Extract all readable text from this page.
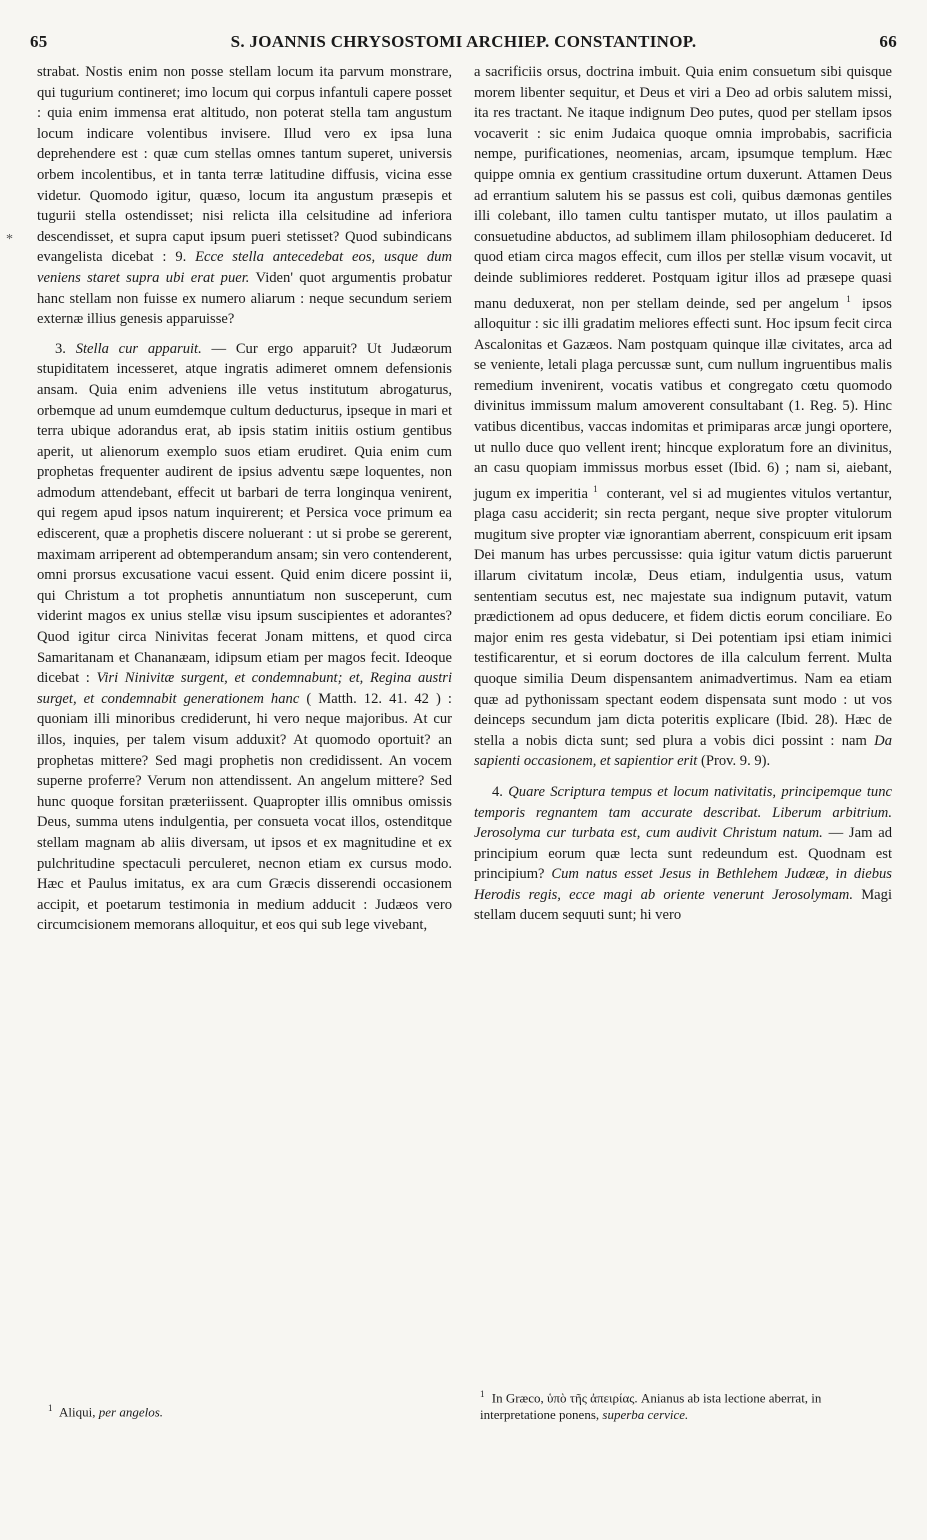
65	S. JOANNIS CHRYSOSTOMI ARCHIEP. CONSTANTINOP.	66
*

strabat. Nostis enim non posse stellam locum ita parvum monstrare, qui tugurium contineret; imo locum qui corpus infantuli capere posset : quia enim immensa erat altitudo, non poterat stella tam angustum locum indicare volentibus invisere. Illud vero ex ipsa luna deprehendere est : quæ cum stellas omnes tantum superet, universis orbem incolentibus, et in tanta terræ latitudine diffusis, vicina esse videtur. Quomodo igitur, quæso, locum ita angustum præsepis et tugurii stella ostendisset; nisi relicta illa celsitudine ad inferiora descendisset, et supra caput ipsum pueri stetisset? Quod subindicans evangelista dicebat : 9. Ecce stella antecedebat eos, usque dum veniens staret supra ubi erat puer. Viden' quot argumentis probatur hanc stellam non fuisse ex numero aliarum : neque secundum seriem externæ illius genesis apparuisse?

3. Stella cur apparuit. — Cur ergo apparuit? Ut Judæorum stupiditatem incesseret, atque ingratis adimeret omnem defensionis ansam. Quia enim adveniens ille vetus institutum abrogaturus, orbemque ad unum eumdemque cultum deducturus, ipseque in mari et terra ubique adorandus erat, ab ipsis statim initiis ostium gentibus aperit, ut alienorum exemplo suos etiam erudiret. Quia enim cum prophetas frequenter audirent de ipsius adventu sæpe loquentes, non admodum attendebant, effecit ut barbari de terra longinqua venirent, qui regem apud ipsos natum inquirerent; et Persica voce primum ea ediscerent, quæ a prophetis discere noluerant : ut si probe se gererent, maximam arriperent ad obtemperandum ansam; sin vero contenderent, omni prorsus excusatione vacui essent. Quid enim dicere possint ii, qui Christum a tot prophetis annuntiatum non susceperunt, cum viderint magos ex unius stellæ visu ipsum suscipientes et adorantes? Quod igitur circa Ninivitas fecerat Jonam mittens, et quod circa Samaritanam et Chananæam, idipsum etiam per magos fecit. Ideoque dicebat : Viri Ninivitæ surgent, et condemnabunt; et, Regina austri surget, et condemnabit generationem hanc ( Matth. 12. 41. 42 ) : quoniam illi minoribus crediderunt, hi vero neque majoribus. At cur illos, inquies, per talem visum adduxit? At quomodo oportuit? an prophetas mittere? Sed magi prophetis non credidissent. An vocem superne proferre? Verum non attendissent. An angelum mittere? Sed hunc quoque forsitan præteriissent. Quapropter illis omnibus omissis Deus, summa utens indulgentia, per consueta vocat illos, ostenditque stellam magnam ab aliis diversam, ut ipsos et ex magnitudine et ex pulchritudine spectaculi perculeret, necnon etiam ex cursus modo. Hæc et Paulus imitatus, ex ara cum Græcis disserendi occasionem accipit, et poetarum testimonia in medium adducit : Judæos vero circumcisionem memorans alloquitur, et eos qui sub lege vivebant,

a sacrificiis orsus, doctrina imbuit. Quia enim consuetum sibi quisque morem libenter sequitur, et Deus et viri a Deo ad orbis salutem missi, ita res tractant. Ne itaque indignum Deo putes, quod per stellam ipsos vocaverit : sic enim Judaica quoque omnia improbabis, sacrificia nempe, purificationes, neomenias, arcam, ipsumque templum. Hæc quippe omnia ex gentium crassitudine ortum duxerunt. Attamen Deus ad errantium salutem his se passus est coli, quibus dæmonas gentiles illi colebant, illo tamen cultu tantisper mutato, ut illos paulatim a consuetudine abductos, ad sublimem illam philosophiam deduceret. Id quod etiam circa magos effecit, cum illos per stellæ visum vocavit, ut deinde sublimiores redderet. Postquam igitur illos ad præsepe quasi manu deduxerat, non per stellam deinde, sed per angelum $^1$ ipsos alloquitur : sic illi gradatim meliores effecti sunt. Hoc ipsum fecit circa Ascalonitas et Gazæos. Nam postquam quinque illæ civitates, arca ad se veniente, letali plaga percussæ sunt, cum nullum ingruentibus malis remedium invenirent, vocatis vatibus et congregato cœtu quomodo divinitus immissum malum amoverent consultabant (1. Reg. 5). Hinc vatibus dicentibus, vaccas indomitas et primiparas arcæ jungi oportere, ut nullo duce quo vellent irent; hincque exploratum fore an divinitus, an casu quopiam immissus morbus esset (Ibid. 6) ; nam si, aiebant, jugum ex imperitia $^1$ conterant, vel si ad mugientes vitulos vertantur, plaga casu acciderit; sin recta pergant, neque sive propter vitulorum mugitum sive propter viæ ignorantiam aberrent, conspicuum erit ipsam Dei manum has urbes percussisse: quia igitur vatum dictis paruerunt illarum civitatum incolæ, Deus etiam, indulgentia usus, vatum sententiam secutus est, nec majestate sua indignum putavit, vatum prædictionem ad opus deducere, et fidem dictis eorum conciliare. Eo major enim res gesta videbatur, si Dei potentiam ipsi etiam inimici testificarentur, et si eorum doctores de illa calculum ferrent. Multa quoque similia Deum dispensantem animadvertimus. Nam ea etiam quæ ad pythonissam spectant eodem dispensata sunt modo : ut vos deinceps secundum jam dicta poteritis explicare (Ibid. 28). Hæc de stella a nobis dicta sunt; sed plura a vobis dici possint : nam Da sapienti occasionem, et sapientior erit (Prov. 9. 9).

4. Quare Scriptura tempus et locum nativitatis, principemque tunc temporis regnantem tam accurate describat. Liberum arbitrium. Jerosolyma cur turbata est, cum audivit Christum natum. — Jam ad principium eorum quæ lecta sunt redeundum est. Quodnam est principium? Cum natus esset Jesus in Bethlehem Judææ, in diebus Herodis regis, ecce magi ab oriente venerunt Jerosolymam. Magi stellam ducem sequuti sunt; hi vero

$^1$ Aliqui, per angelos.
$^1$ In Græco, ὑπὸ τῆς ἀπειρίας. Anianus ab ista lectione aberrat, in interpretatione ponens, superba cervice.
